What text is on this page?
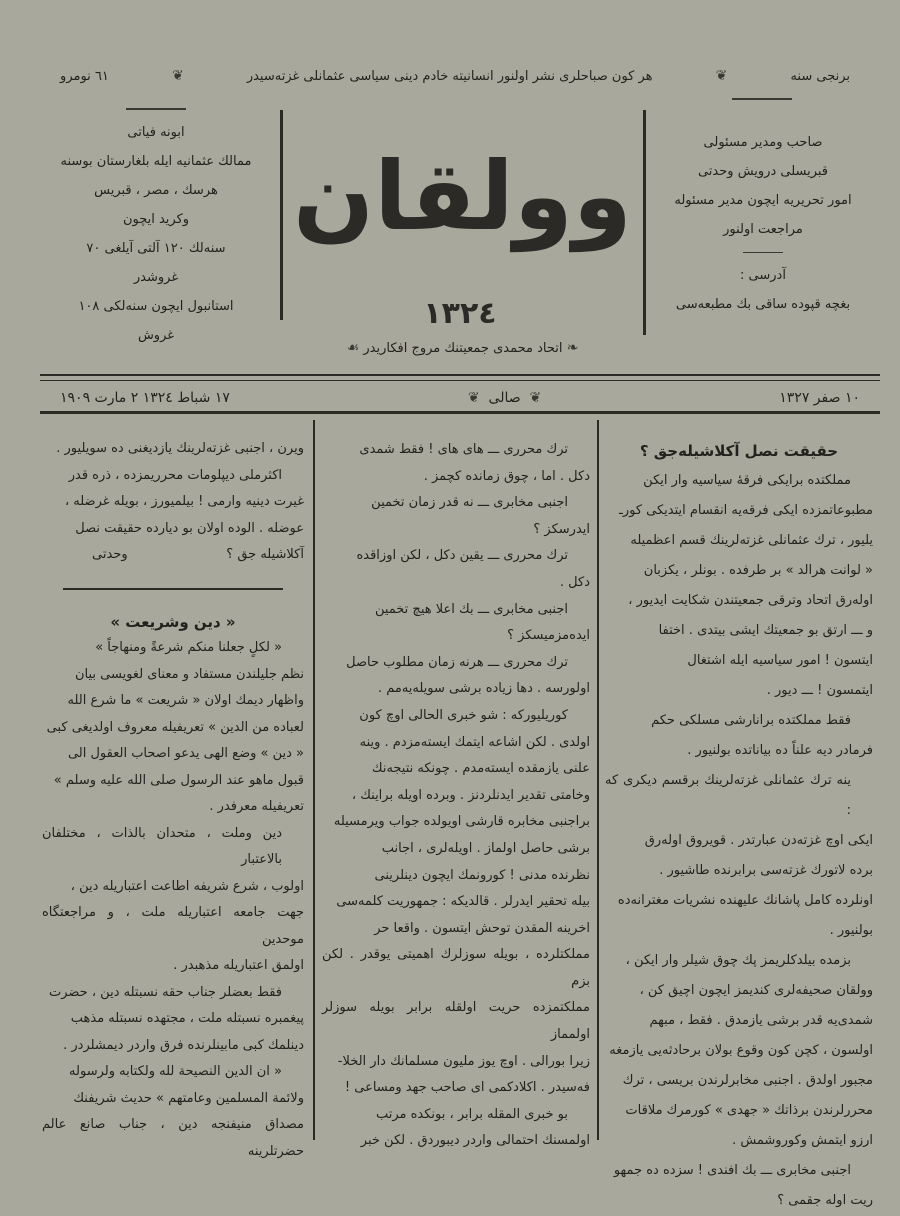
برنجی سنه
❦
هر كون صباحلری نشر اولنور انسانیته خادم دینی سیاسی عثمانلی غزته‌سیدر
❦
٦١ نومرو
ابونه فیاتی
ممالك عثمانیه ایله بلغارستان بوسنه
هرسك ، مصر ، قبریس
وكرید ایچون
سنه‌لك ١٢٠ آلتی آیلغی ٧٠
غروشدر
استانبول ایچون سنه‌لكی ١٠٨
غروش
وولقان
١٣٢٤
صاحب ومدیر مسئولی
قبریسلی درویش وحدتی
امور تحریریه ایچون مدیر مسئوله
مراجعت اولنور
آدرسی :
بغچه قپوده ساقی بك مطبعه‌سی
❧ اتحاد محمدی جمعیتنك مروج افكاریدر ☙
١٠ صفر ١٣٢٧
❦  صالی  ❦
١٧ شباط ١٣٢٤ ٢ مارت ١٩٠٩
حقیقت نصل آكلاشیله‌جق ؟
مملكتده برایكی فرقهٔ سیاسیه وار ایكن
مطبوعاتمزده ایكی فرقه‌یه انقسام ایتدیكی كورـ
یلیور ، ترك عثمانلی غزته‌لرینك قسم اعظمیله
« لوانت هرالد » بر طرفده . بونلر ، یكزبان
اوله‌رق اتحاد وترقی جمعیتندن شكایت ایدیور ،
و ـــ ارتق بو جمعیتك ایشی بیتدی . اختفا
ایتسون ! امور سیاسیه ایله اشتغال
ایتمسون ! ـــ دیور .
فقط مملكتده برانارشی مسلكی حكم
فرمادر دیه علناً ده بیاناتده بولنیور .
ینه ترك عثمانلی غزته‌لرینك برقسم دیكری كه :
ایكی اوچ غزته‌دن عبارتدر . قویروق اوله‌رق
برده لاتورك غزته‌سی برابرنده طاشیور .
اونلرده كامل پاشانك علیهنده نشریات مغترانه‌ده
بولنیور .
بزمده بیلدكلریمز پك چوق شیلر وار ایكن ،
وولقان صحیفه‌لری كندیمز ایچون اچیق كن ،
شمدی‌یه قدر برشی یازمدق . فقط ، مبهم
اولسون ، كچن كون وقوع بولان برحادثه‌یی یازمغه
مجبور اولدق . اجنبی مخابرلرندن بریسی ، ترك
محررلرندن برذاتك « جهدی » كورمرك ملاقات
ارزو ایتمش وكوروشمش .
اجنبی مخابری ـــ بك افندی ! سزده ده جمهو
ریت اوله جقمی ؟
ترك محرری ـــ های های ! فقط شمدی
دكل . اما ، چوق زمانده كچمز .
اجنبی مخابری ـــ نه قدر زمان تخمین
ایدرسكز ؟
ترك محرری ـــ یقین دكل ، لكن اوزاقده
دكل .
اجنبی مخابری ـــ بك اعلا هیچ تخمین
ایده‌مزمیسكز ؟
ترك محرری ـــ هرنه زمان مطلوب حاصل
اولورسه . دها زیاده برشی سویله‌یه‌مم .
كوریلیوركه : شو خبری الحالی اوچ كون
اولدی . لكن اشاعه ایتمك ایسته‌مزدم . وینه
علنی یازمقده ایسته‌مدم . چونكه نتیجه‌نك
وخامتی تقدیر ایدنلردنز . وبرده اویله براینك ،
براجنبی مخابره قارشی اویولده جواب ویرمسیله
برشی حاصل اولماز . اویله‌لری ، اجانب
نظرنده مدنی ! كورونمك ایچون دینلرینی
بیله تحقیر ایدرلر . قالدیكه : جمهوریت كلمه‌سی
اخرینه المقدن توحش ایتسون . واقعا حر
مملكتلرده ، بویله سوزلرك اهمیتی یوقدر . لكن بزم
مملكتمزده حریت اولقله برابر بویله سوزلر اولمماز
زیرا بورالی . اوچ یوز ملیون مسلمانك دار الخلا-
فه‌سیدر . اكلادكمی ای صاحب جهد ومساعی !
بو خبری المقله برابر ، بونكده مرتب
اولمسنك احتمالی واردر دیبوردق . لكن خبر
ویرن ، اجنبی غزته‌لرینك یازدیغنی ده سویلیور .
اكثرملی دیپلومات محرریمزده ، ذره قدر
غیرت دینیه وارمی ! بیلمیورز ، بویله غرضله ،
عوضله . الوده اولان بو دیارده حقیقت نصل
آكلاشیله جق ؟
وحدتی
« دین وشریعت »
« لكلٍ جعلنا منكم شرعةً ومنهاجاً »
نظم جلیلندن مستفاد و معنای لغویسی بیان
واظهار دیمك اولان « شریعت » ما شرع الله
لعباده من الدین » تعریفیله معروف اولدیغی كبی
« دین » وضع الهی یدعو اصحاب العقول الی
قبول ماهو عند الرسول صلی الله علیه وسلم »
تعریفیله معرفدر .
دین وملت ، متحدان بالذات ، مختلفان بالاعتبار
اولوب ، شرع شریفه اطاعت اعتباریله دین ،
جهت جامعه اعتباریله ملت ، و مراجعتگاه موحدین
اولمق اعتباریله مذهبدر .
فقط بعضلر جناب حقه نسبتله دین ، حضرت
پیغمبره نسبتله ملت ، مجتهده نسبتله مذهب
دینلمك كبی مابینلرنده فرق واردر دیمشلردر .
« ان الدین النصیحة لله ولكتابه ولرسوله
ولائمة المسلمین وعامتهم » حدیث شریفنك
مصداق منیفنجه دین ، جناب صانع عالم حضرتلرینه
